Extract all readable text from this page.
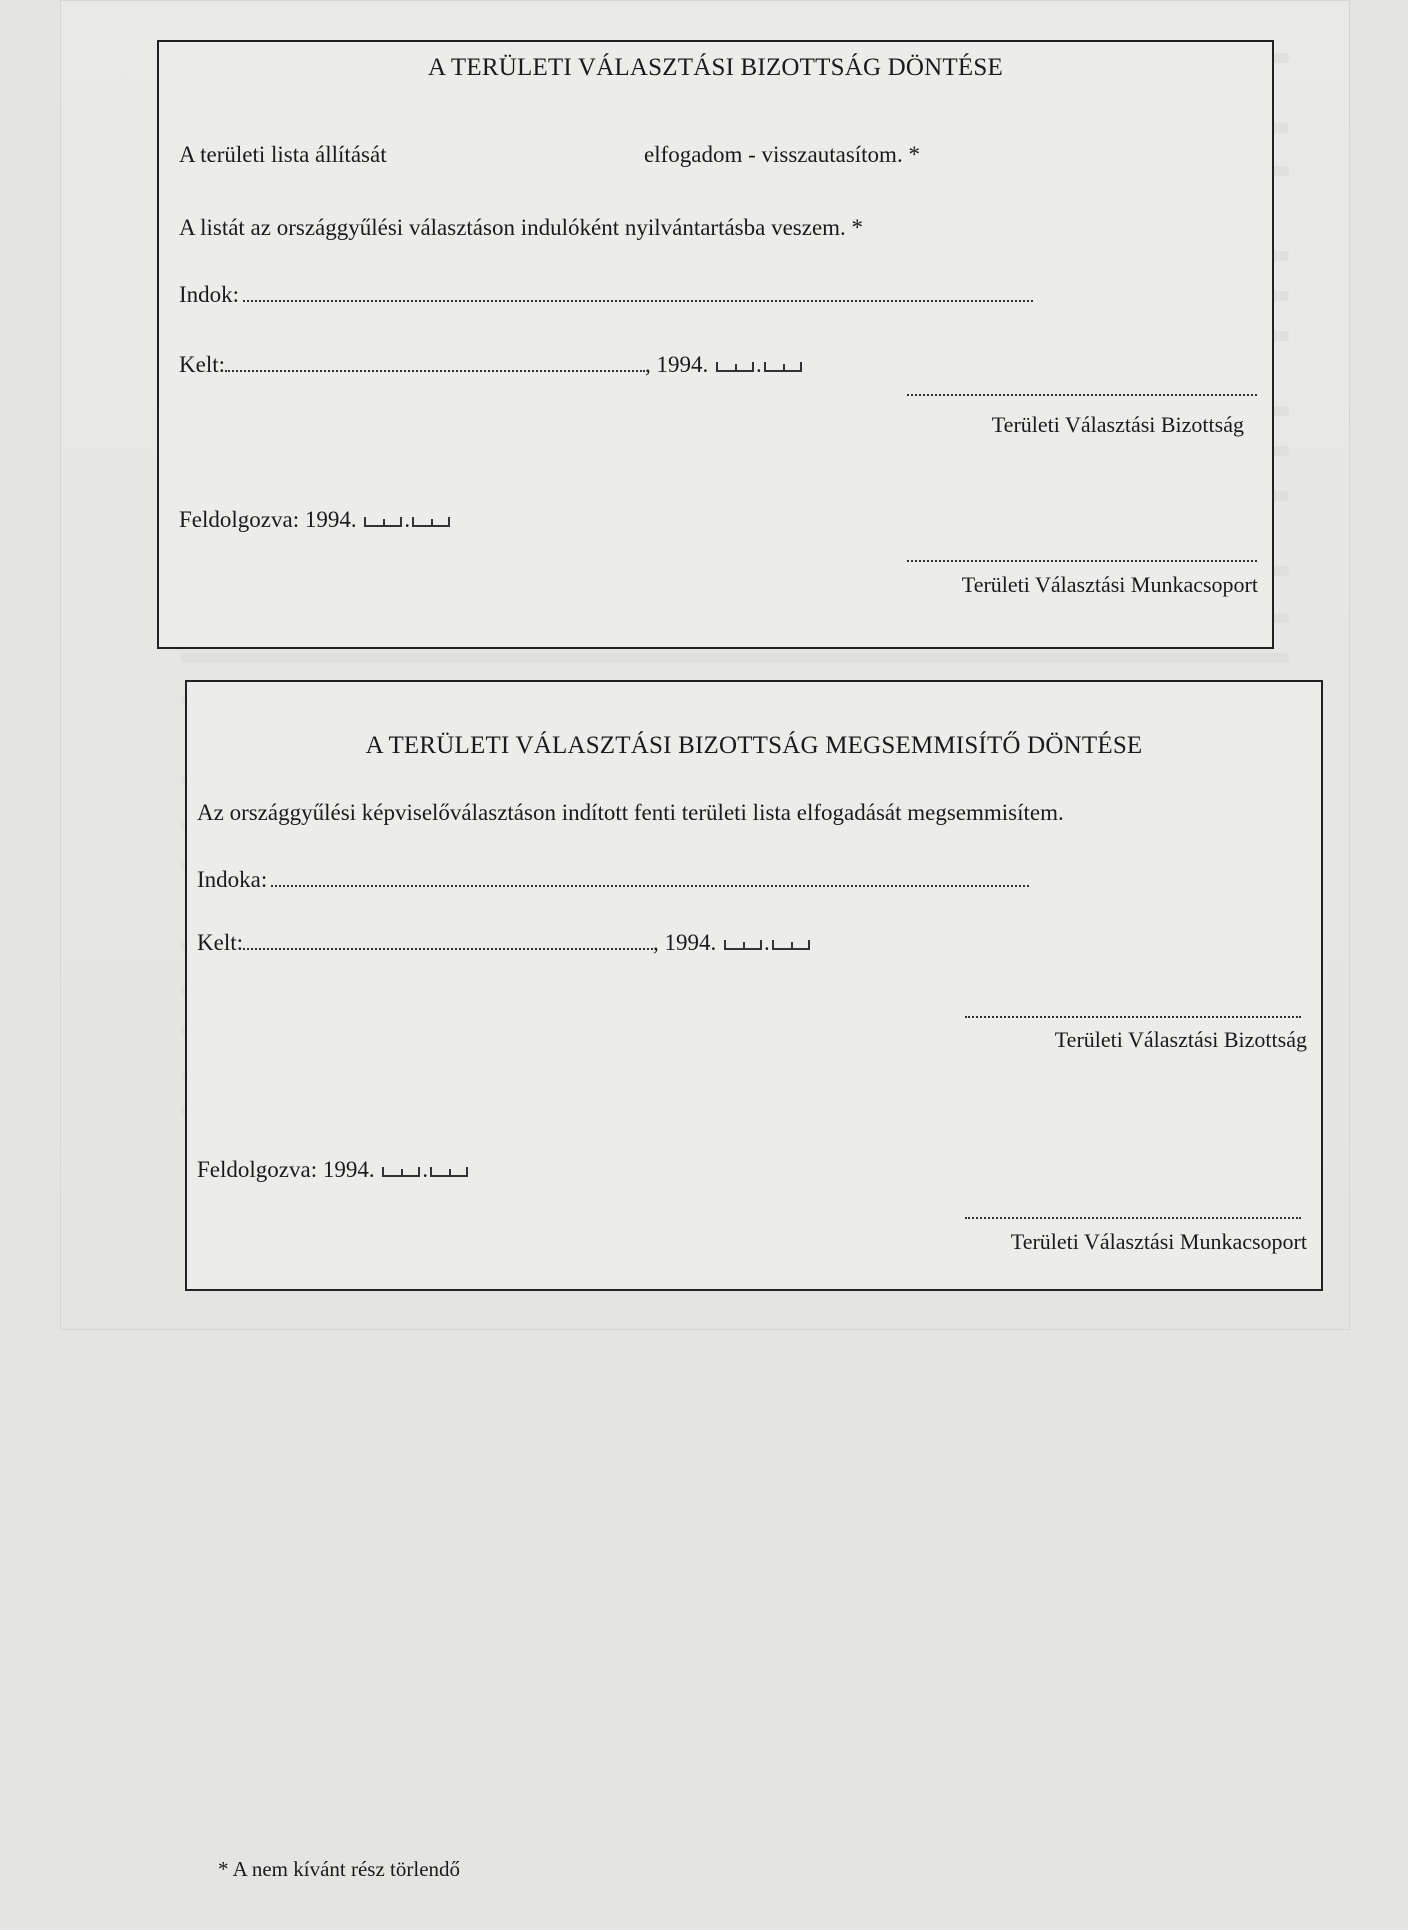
A TERÜLETI VÁLASZTÁSI BIZOTTSÁG DÖNTÉSE
A területi lista állítását	elfogadom - visszautasítom. *
A listát az országgyűlési választáson indulóként nyilvántartásba veszem. *
Indok:
Kelt:	, 1994. .
Területi Választási Bizottság
Feldolgozva: 1994. .
Területi Választási Munkacsoport
A TERÜLETI VÁLASZTÁSI BIZOTTSÁG MEGSEMMISÍTŐ DÖNTÉSE
Az országgyűlési képviselőválasztáson indított fenti területi lista elfogadását megsemmisítem.
Indoka:
Kelt:	, 1994. .
Területi Választási Bizottság
Feldolgozva: 1994. .
Területi Választási Munkacsoport
* A nem kívánt rész törlendő
